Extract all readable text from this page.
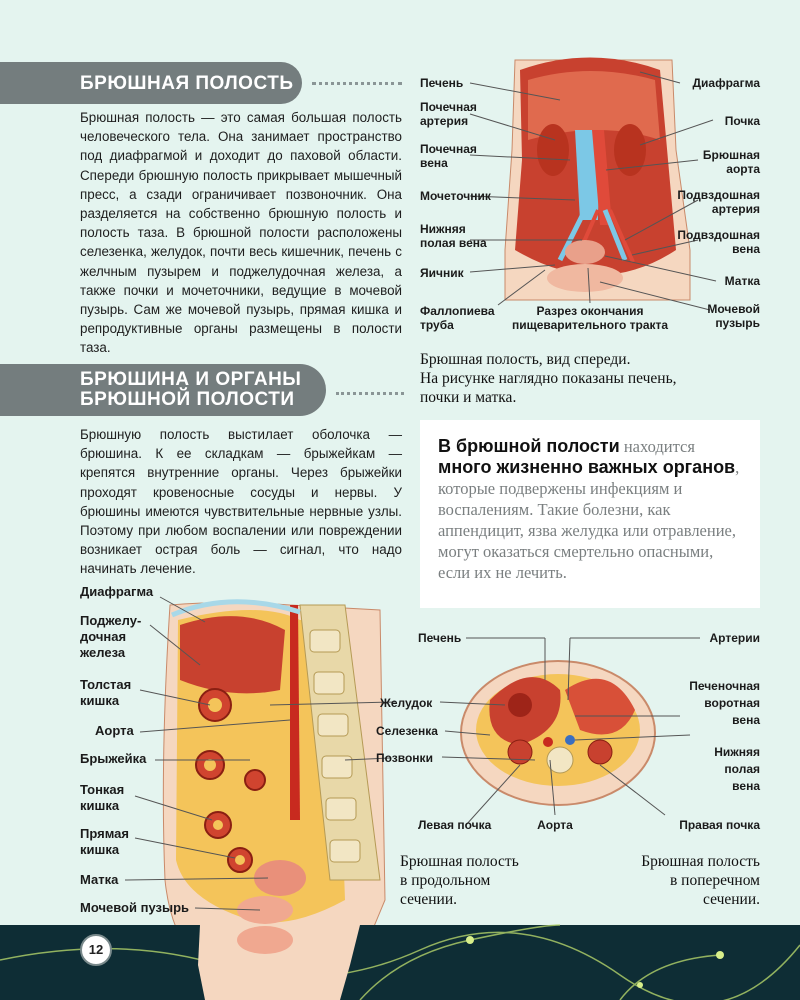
БРЮШНАЯ ПОЛОСТЬ
Брюшная полость — это самая большая полость человеческого тела. Она занимает пространство под диафрагмой и доходит до паховой области. Спереди брюшную полость прикрывает мышечный пресс, а сзади ограничивает позвоночник. Она разделяется на собственно брюшную полость и полость таза. В брюшной полости расположены селезенка, желудок, почти весь кишечник, печень с желчным пузырем и поджелудочная железа, а также почки и мочеточники, ведущие в мочевой пузырь. Сам же мочевой пузырь, прямая кишка и репродуктивные органы размещены в полости таза.
БРЮШИНА И ОРГАНЫ
БРЮШНОЙ ПОЛОСТИ
Брюшную полость выстилает оболочка — брюшина. К ее складкам — брыжейкам — крепятся внутренние органы. Через брыжейки проходят кровеносные сосуды и нервы. У брюшины имеются чувствительные нервные узлы. Поэтому при любом воспалении или повреждении возникает острая боль — сигнал, что надо начинать лечение.
Печень
Почечная
артерия
Почечная
вена
Мочеточник
Нижняя
полая вена
Яичник
Фаллопиева
труба
Диафрагма
Почка
Брюшная
аорта
Подвздошная
артерия
Подвздошная
вена
Матка
Мочевой
пузырь
Разрез окончания
пищеварительного тракта
Брюшная полость, вид спереди.
На рисунке наглядно показаны печень,
почки и матка.

В брюшной полости находится много жизненно важных органов, которые подвержены инфекциям и воспалениям. Такие болезни, как аппендицит, язва желудка или отравление, могут оказаться смертельно опасными, если их не лечить.

Диафрагма
Поджелу-
дочная
железа
Толстая
кишка
Аорта
Брыжейка
Тонкая
кишка
Прямая
кишка
Матка
Мочевой пузырь
Печень
Желудок
Селезенка
Позвонки
Левая почка
Артерии
Печеночная
воротная
вена
Нижняя
полая
вена
Правая почка
Аорта
Брюшная полость
в продольном
сечении.
Брюшная полость
в поперечном
сечении.
12
